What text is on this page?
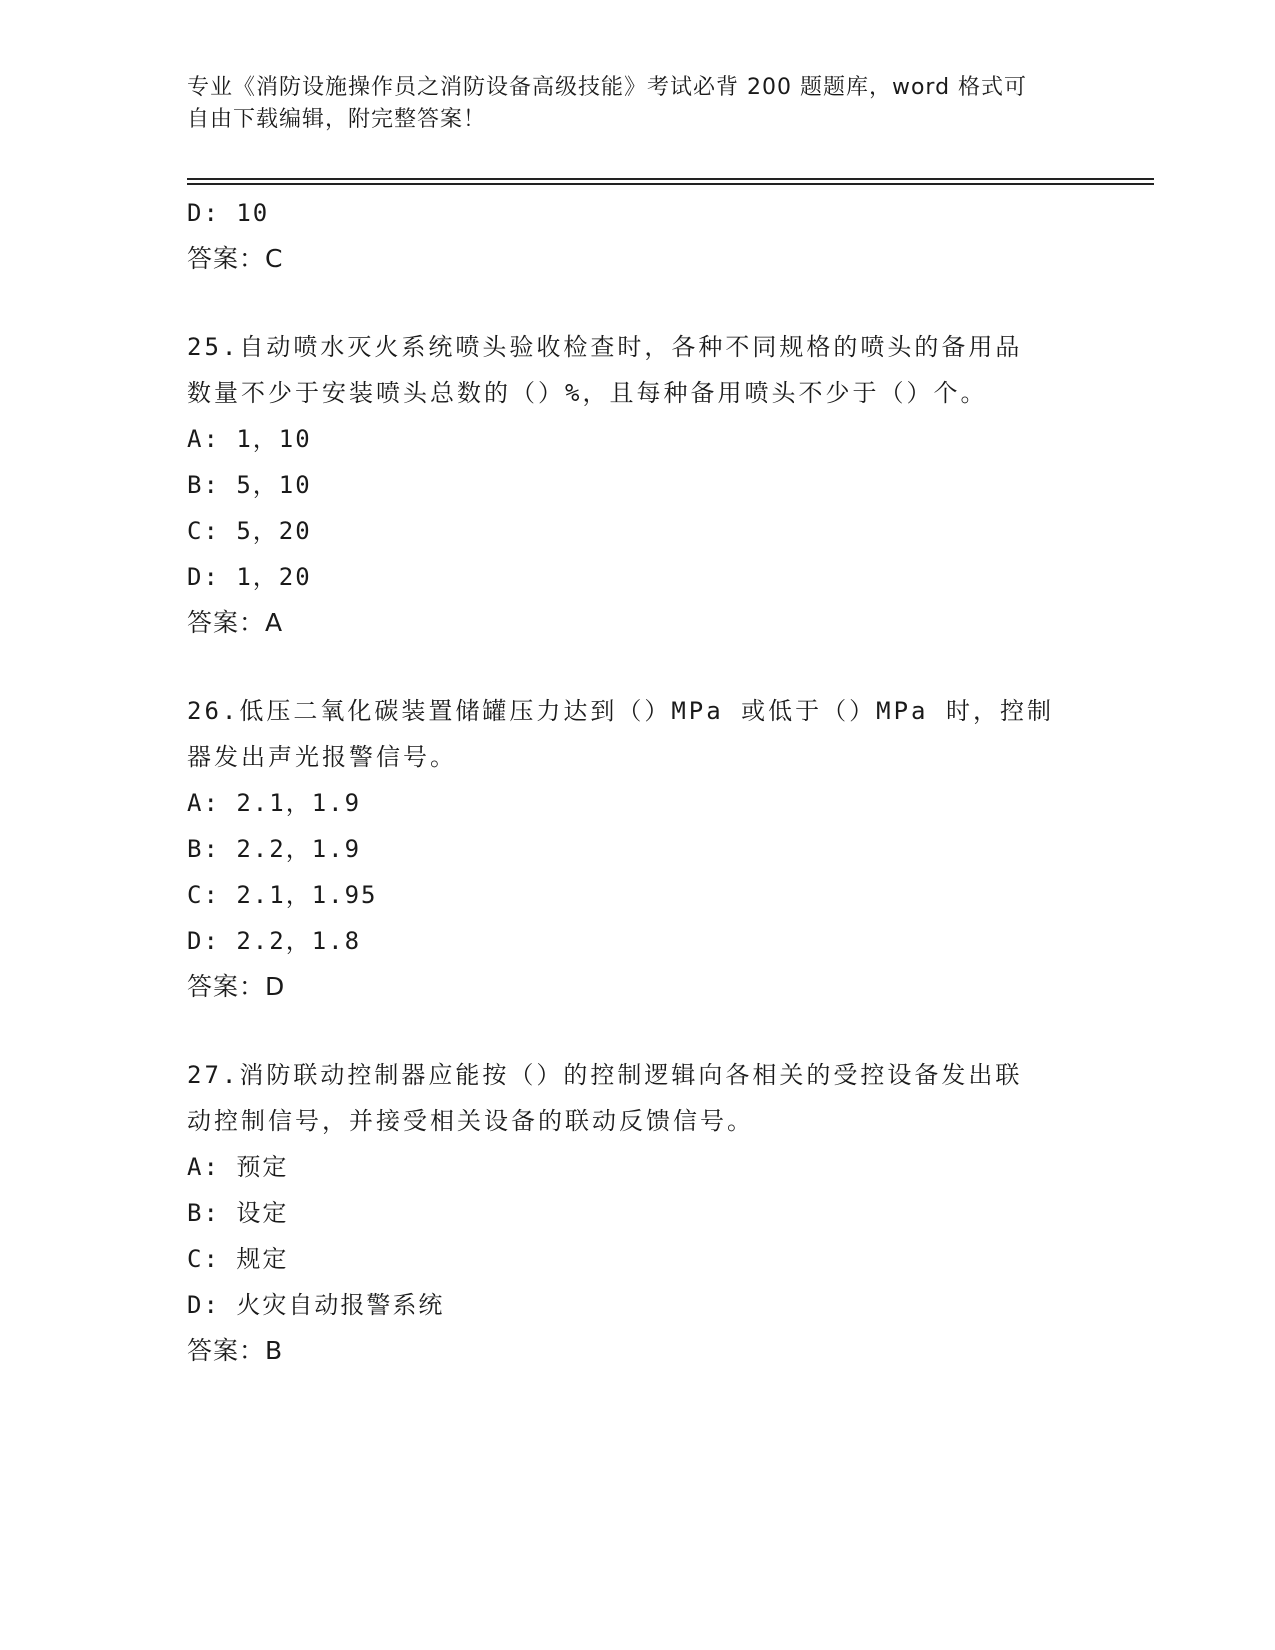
专业《消防设施操作员之消防设备高级技能》考试必背 200 题题库，word 格式可
自由下载编辑，附完整答案！
D: 10
答案：C
25.自动喷水灭火系统喷头验收检查时，各种不同规格的喷头的备用品
数量不少于安装喷头总数的（）%，且每种备用喷头不少于（）个。
A: 1，10
B: 5，10
C: 5，20
D: 1，20
答案：A
26.低压二氧化碳装置储罐压力达到（）MPa 或低于（）MPa 时，控制
器发出声光报警信号。
A: 2.1，1.9
B: 2.2，1.9
C: 2.1，1.95
D: 2.2，1.8
答案：D
27.消防联动控制器应能按（）的控制逻辑向各相关的受控设备发出联
动控制信号，并接受相关设备的联动反馈信号。
A: 预定
B: 设定
C: 规定
D: 火灾自动报警系统
答案：B
